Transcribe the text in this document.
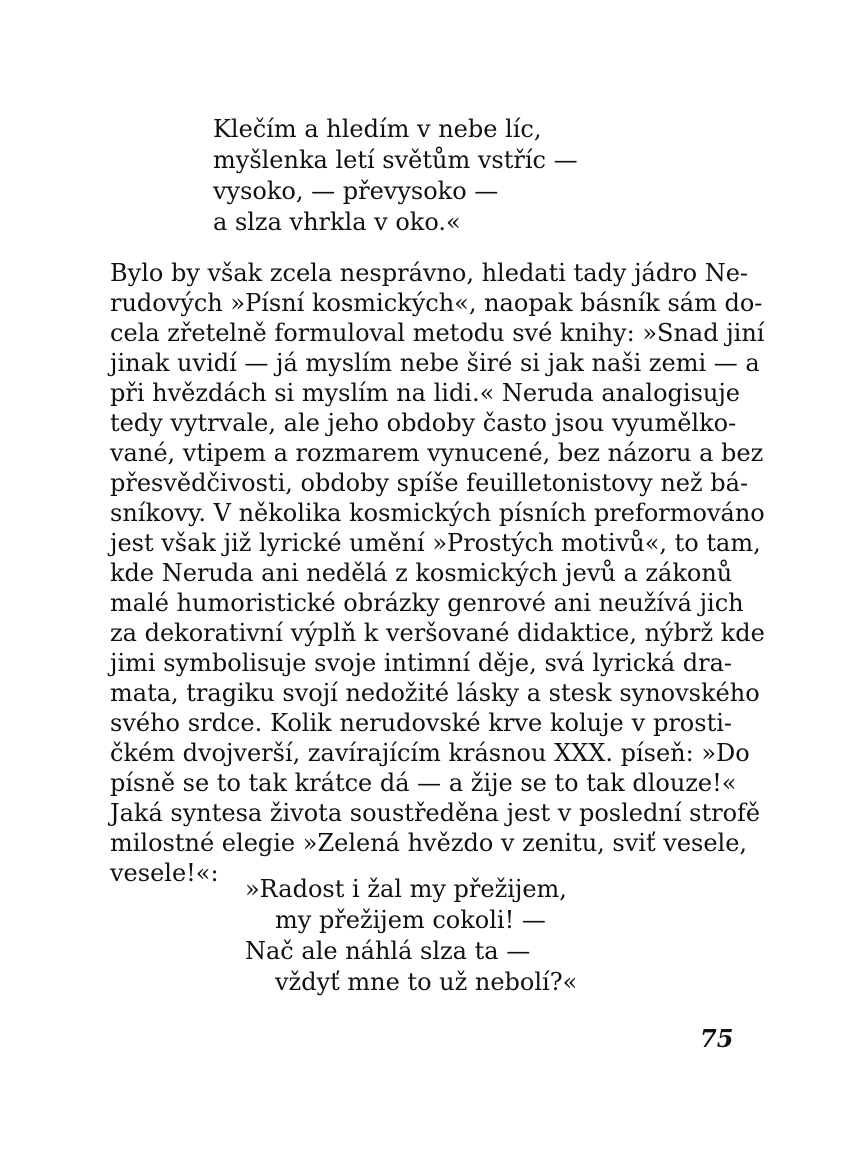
Klečím a hledím v nebe líc,
myšlenka letí světům vstříc —
vysoko, — převysoko —
a slza vhrkla v oko.«
Bylo by však zcela nesprávno, hledati tady jádro Ne-
rudových »Písní kosmických«, naopak básník sám do-
cela zřetelně formuloval metodu své knihy: »Snad jiní
jinak uvidí — já myslím nebe širé si jak naši zemi — a
při hvězdách si myslím na lidi.« Neruda analogisuje
tedy vytrvale, ale jeho obdoby často jsou vyumělko-
vané, vtipem a rozmarem vynucené, bez názoru a bez
přesvědčivosti, obdoby spíše feuilletonistovy než bá-
sníkovy. V několika kosmických písních preformováno
jest však již lyrické umění »Prostých motivů«, to tam,
kde Neruda ani nedělá z kosmických jevů a zákonů
malé humoristické obrázky genrové ani neužívá jich
za dekorativní výplň k veršované didaktice, nýbrž kde
jimi symbolisuje svoje intimní děje, svá lyrická dra-
mata, tragiku svojí nedožité lásky a stesk synovského
svého srdce. Kolik nerudovské krve koluje v prosti-
čkém dvojverší, zavírajícím krásnou XXX. píseň: »Do
písně se to tak krátce dá — a žije se to tak dlouze!«
Jaká syntesa života soustředěna jest v poslední strofě
milostné elegie »Zelená hvězdo v zenitu, sviť vesele,
vesele!«:
»Radost i žal my přežijem,
my přežijem cokoli! —
Nač ale náhlá slza ta —
vždyť mne to už nebolí?«
75
